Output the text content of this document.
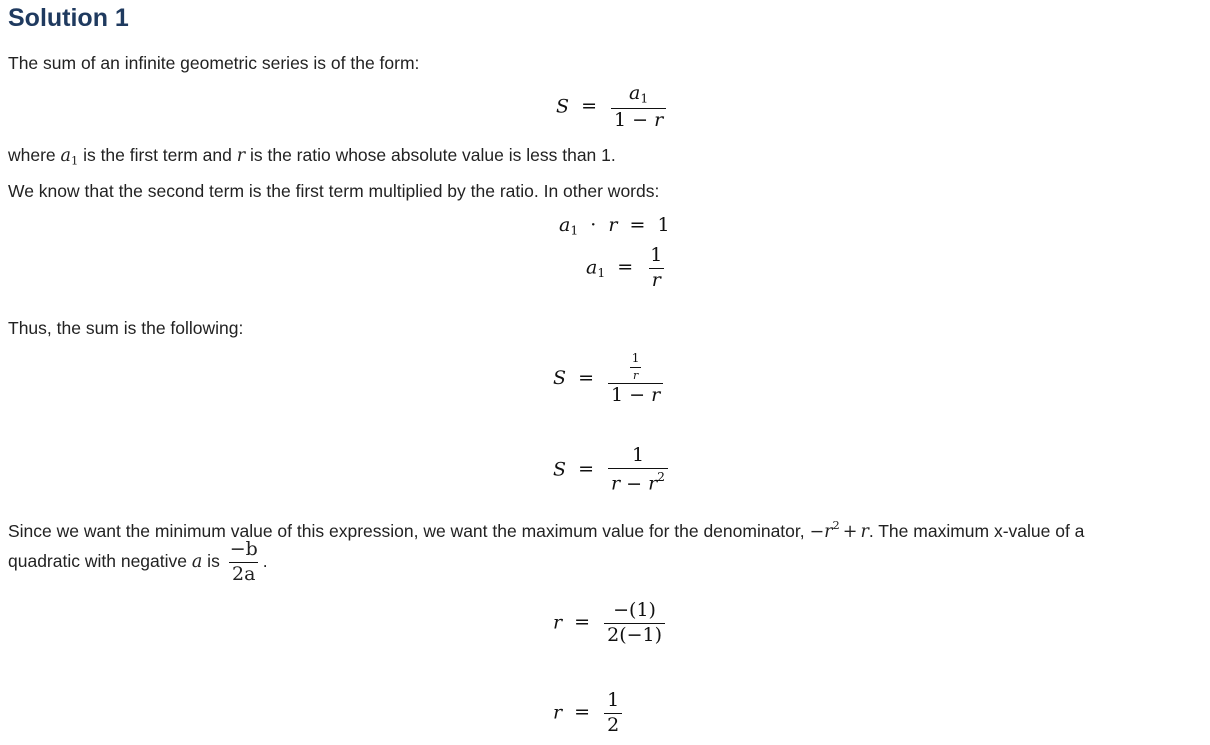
Solution 1
The sum of an infinite geometric series is of the form:
$S = \frac{a_1}{1 - r}$
where $a_1$ is the first term and r is the ratio whose absolute value is less than 1.
We know that the second term is the first term multiplied by the ratio. In other words:
$a_1 \cdot r = 1$
$a_1 = \frac{1}{r}$
Thus, the sum is the following:
$S = \frac{\frac{1}{r}}{1 - r}$
$S = \frac{1}{r - r^2}$
Since we want the minimum value of this expression, we want the maximum value for the denominator, $-r^2 + r$. The maximum x-value of a
quadratic with negative a is $\frac{-b}{2a}$ .
$r = \frac{-(1)}{2(-1)}$
$r = \frac{1}{2}$
